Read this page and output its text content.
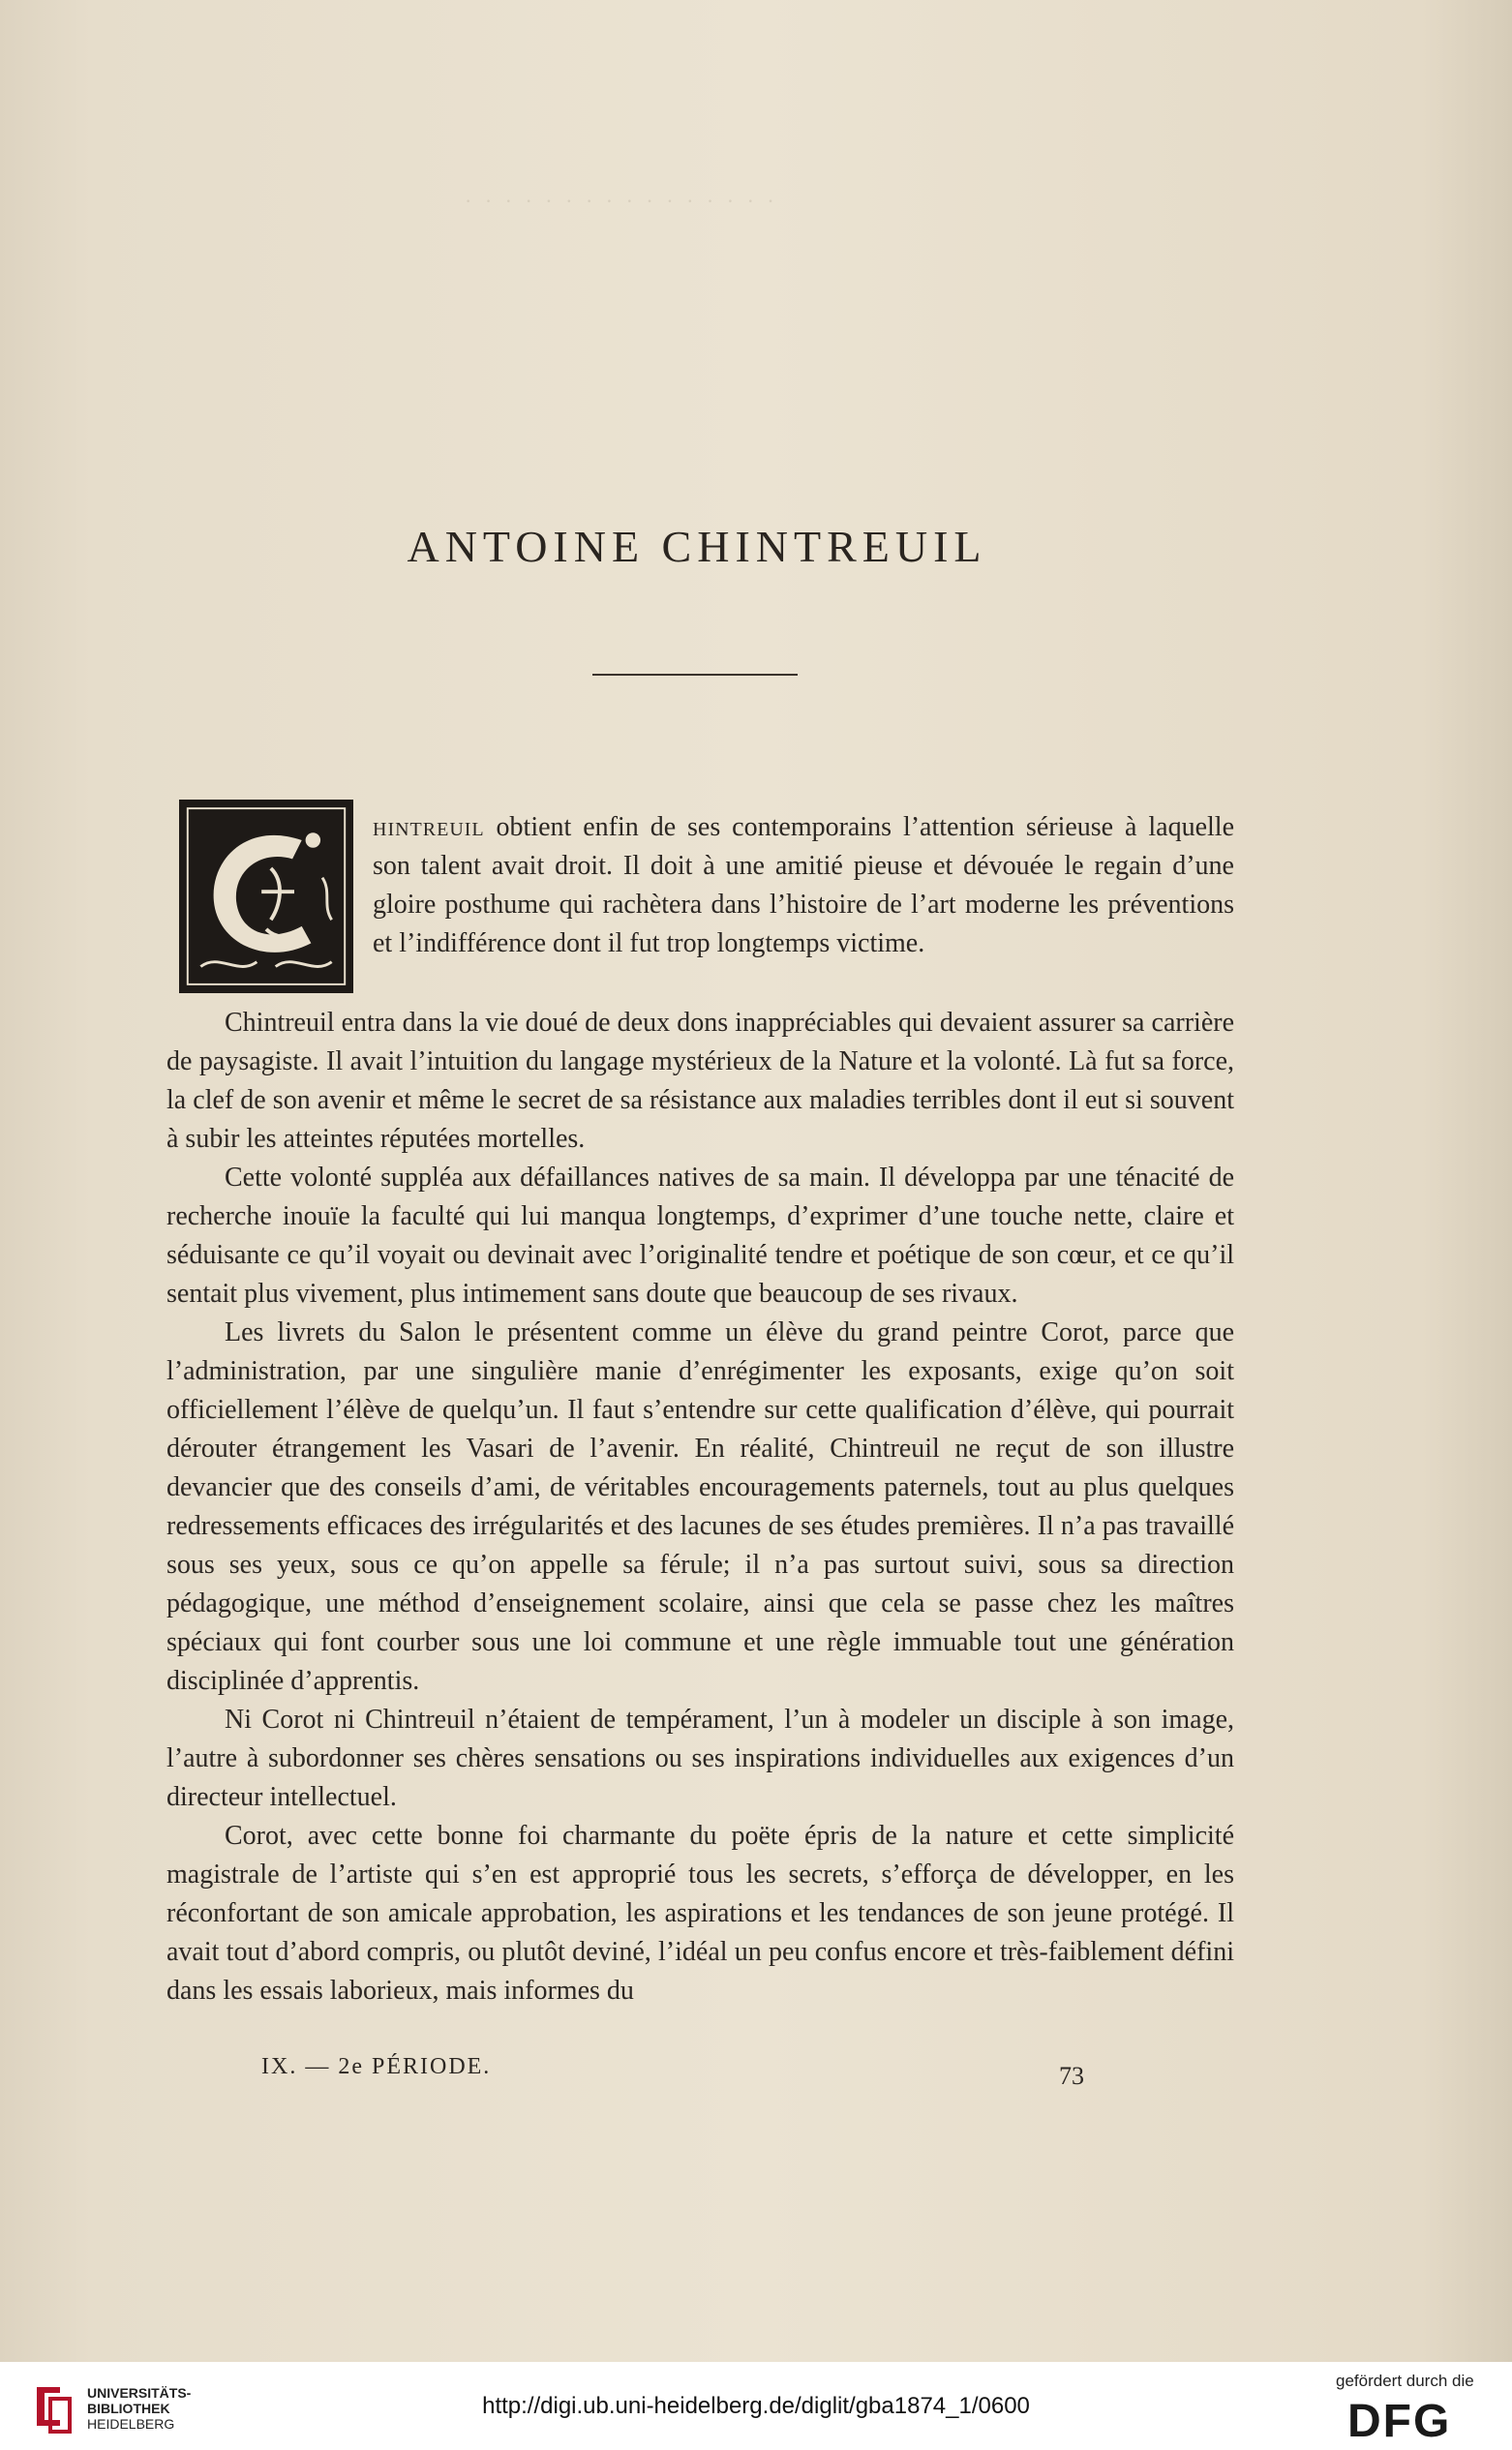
· · · · · · · · · · · · · · · ·
ANTOINE CHINTREUIL
hintreuil obtient enfin de ses contemporains l’attention sérieuse à laquelle son talent avait droit. Il doit à une amitié pieuse et dévouée le regain d’une gloire posthume qui rachètera dans l’histoire de l’art moderne les préventions et l’indifférence dont il fut trop longtemps victime.

Chintreuil entra dans la vie doué de deux dons inappréciables qui devaient assurer sa carrière de paysagiste. Il avait l’intuition du langage mystérieux de la Nature et la volonté. Là fut sa force, la clef de son avenir et même le secret de sa résistance aux maladies terribles dont il eut si souvent à subir les atteintes réputées mortelles.

Cette volonté suppléa aux défaillances natives de sa main. Il développa par une ténacité de recherche inouïe la faculté qui lui manqua longtemps, d’exprimer d’une touche nette, claire et séduisante ce qu’il voyait ou devinait avec l’originalité tendre et poétique de son cœur, et ce qu’il sentait plus vivement, plus intimement sans doute que beaucoup de ses rivaux.

Les livrets du Salon le présentent comme un élève du grand peintre Corot, parce que l’administration, par une singulière manie d’enrégimenter les exposants, exige qu’on soit officiellement l’élève de quelqu’un. Il faut s’entendre sur cette qualification d’élève, qui pourrait dérouter étrangement les Vasari de l’avenir. En réalité, Chintreuil ne reçut de son illustre devancier que des conseils d’ami, de véritables encouragements paternels, tout au plus quelques redressements efficaces des irrégularités et des lacunes de ses études premières. Il n’a pas travaillé sous ses yeux, sous ce qu’on appelle sa férule; il n’a pas surtout suivi, sous sa direction pédagogique, une méthod d’enseignement scolaire, ainsi que cela se passe chez les maîtres spéciaux qui font courber sous une loi commune et une règle immuable tout une génération disciplinée d’apprentis.

Ni Corot ni Chintreuil n’étaient de tempérament, l’un à modeler un disciple à son image, l’autre à subordonner ses chères sensations ou ses inspirations individuelles aux exigences d’un directeur intellectuel.

Corot, avec cette bonne foi charmante du poëte épris de la nature et cette simplicité magistrale de l’artiste qui s’en est approprié tous les secrets, s’efforça de développer, en les réconfortant de son amicale approbation, les aspirations et les tendances de son jeune protégé. Il avait tout d’abord compris, ou plutôt deviné, l’idéal un peu confus encore et très-faiblement défini dans les essais laborieux, mais informes du

IX. — 2e PÉRIODE.	73
UNIVERSITÄTS-
BIBLIOTHEK
HEIDELBERG
http://digi.ub.uni-heidelberg.de/diglit/gba1874_1/0600
gefördert durch die
DFG
